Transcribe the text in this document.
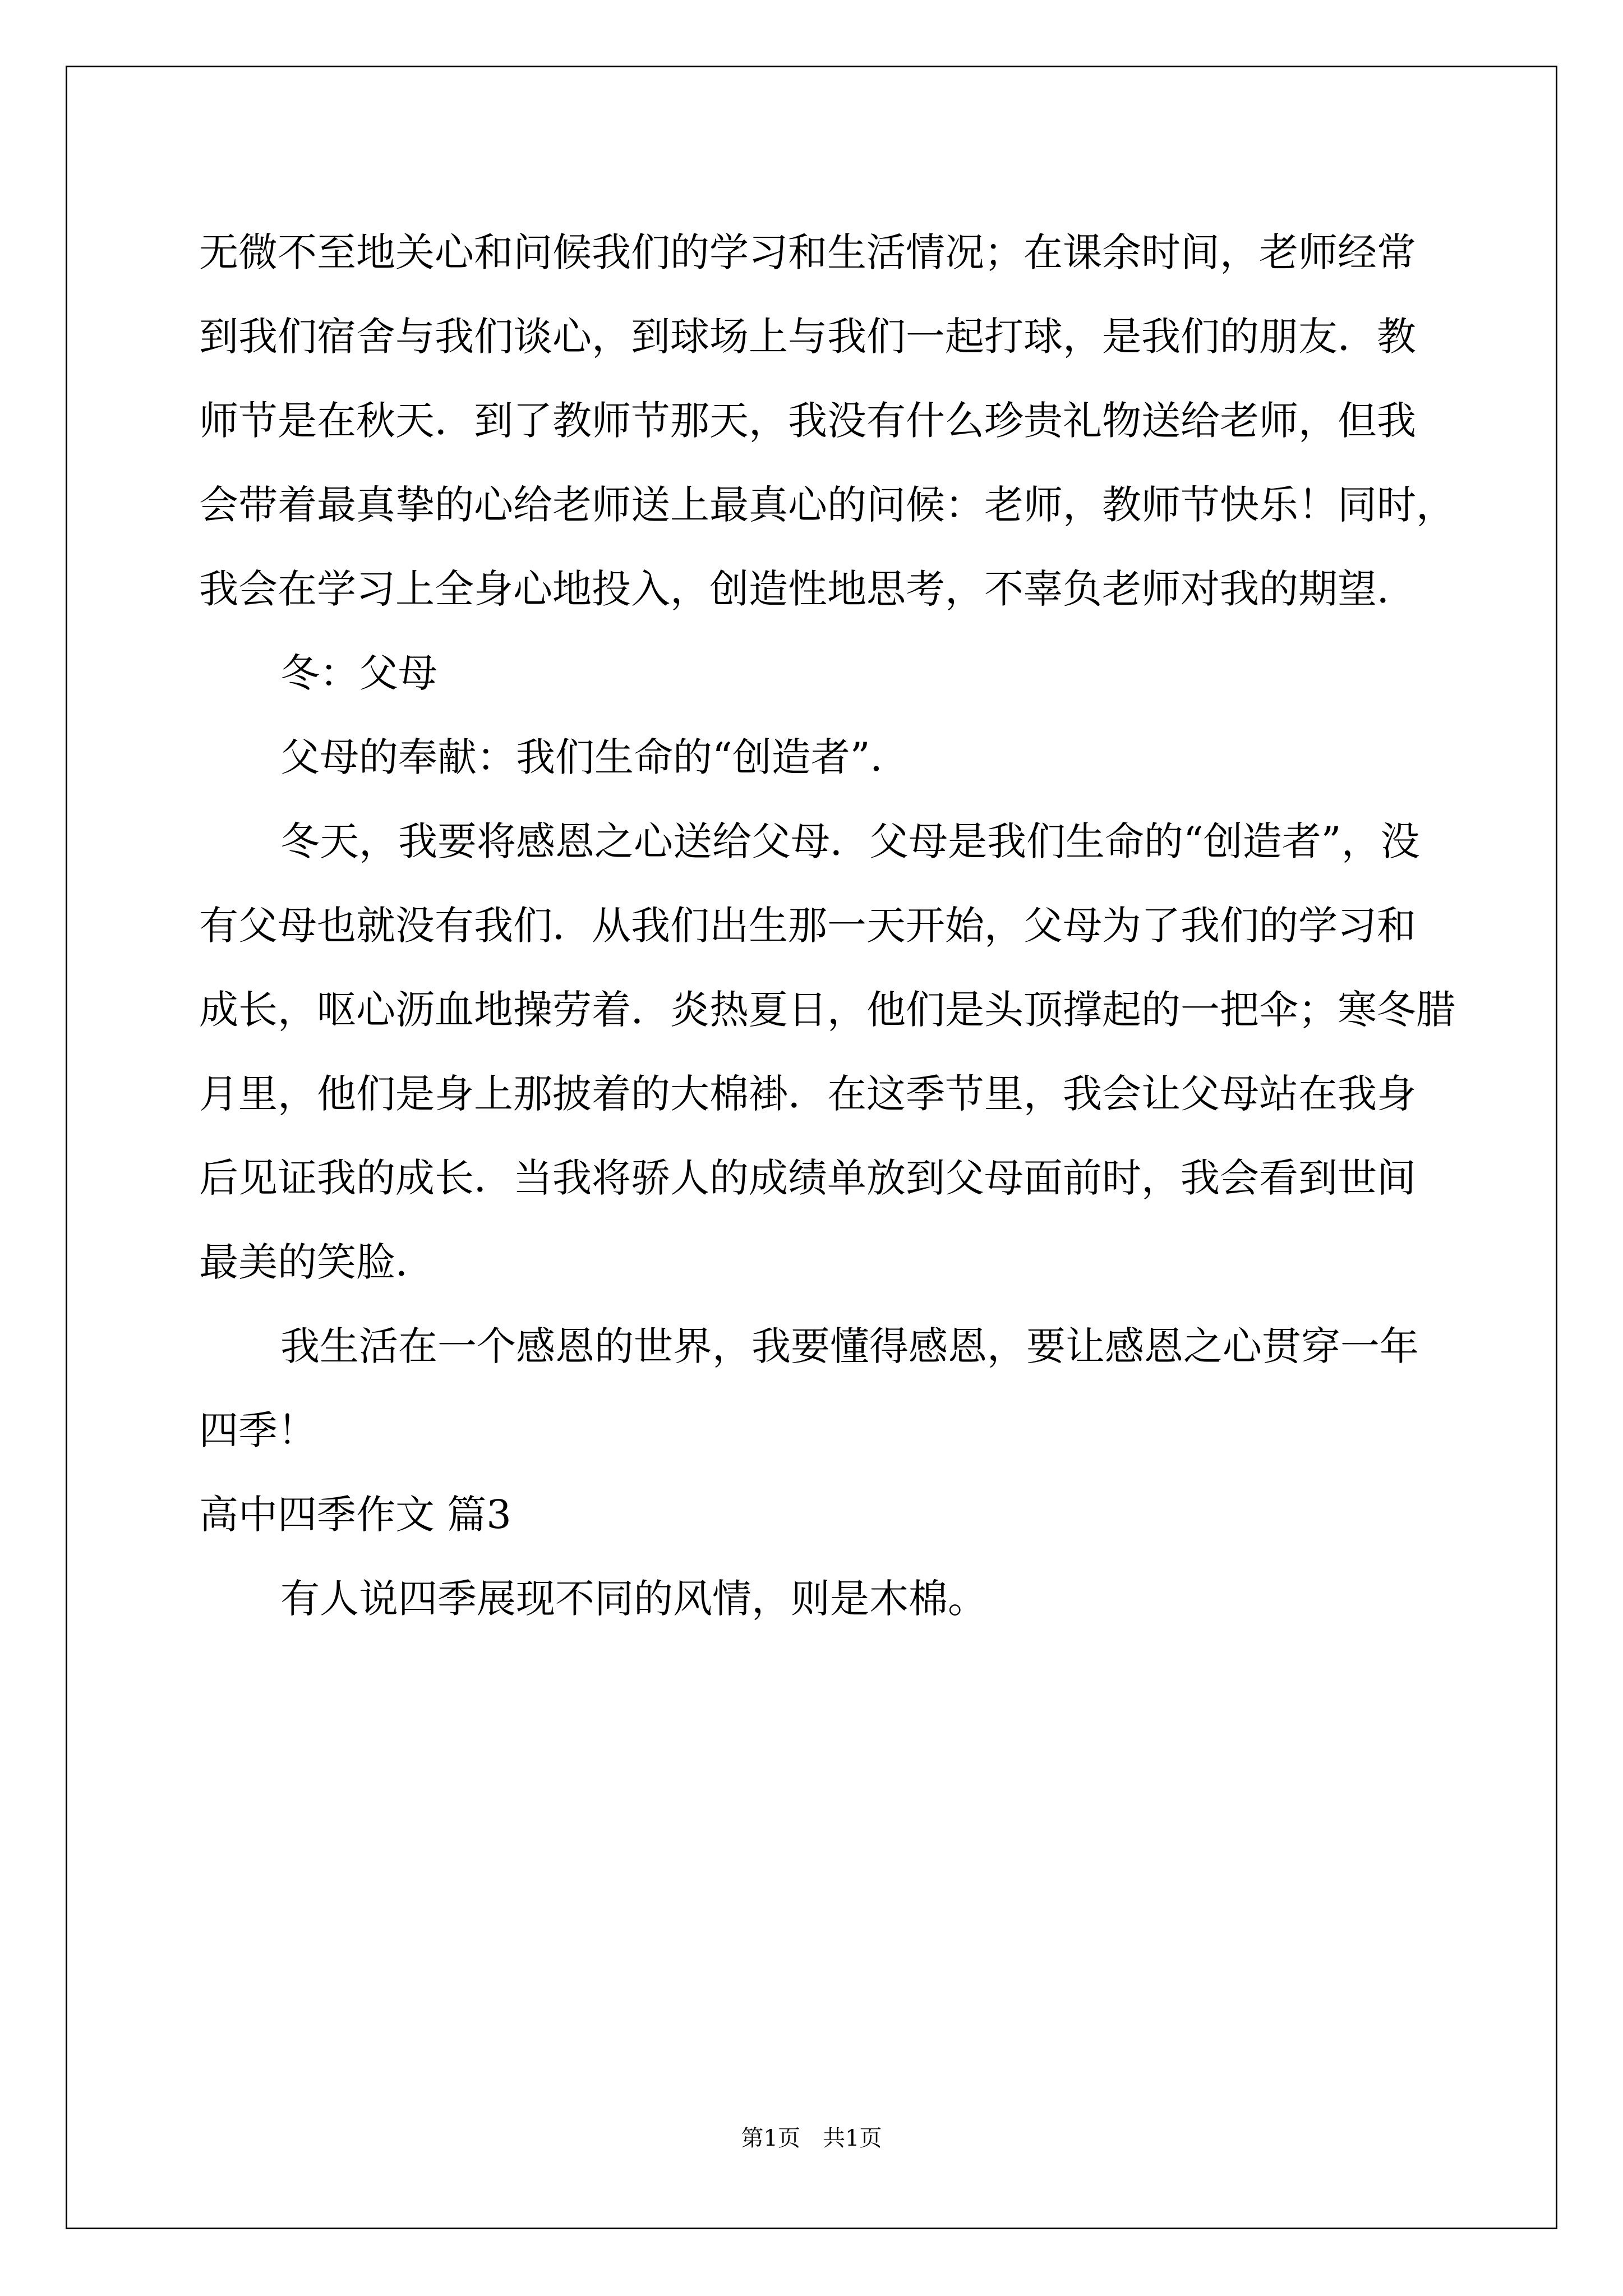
无微不至地关心和问候我们的学习和生活情况；在课余时间，老师经常
到我们宿舍与我们谈心，到球场上与我们一起打球，是我们的朋友．教
师节是在秋天．到了教师节那天，我没有什么珍贵礼物送给老师，但我
会带着最真挚的心给老师送上最真心的问候：老师，教师节快乐！同时，
我会在学习上全身心地投入，创造性地思考，不辜负老师对我的期望．
冬：父母
父母的奉献：我们生命的“创造者”．
冬天，我要将感恩之心送给父母．父母是我们生命的“创造者”，没
有父母也就没有我们．从我们出生那一天开始，父母为了我们的学习和
成长，呕心沥血地操劳着．炎热夏日，他们是头顶撑起的一把伞；寒冬腊
月里，他们是身上那披着的大棉褂．在这季节里，我会让父母站在我身
后见证我的成长．当我将骄人的成绩单放到父母面前时，我会看到世间
最美的笑脸．
我生活在一个感恩的世界，我要懂得感恩，要让感恩之心贯穿一年
四季！
高中四季作文 篇3
有人说四季展现不同的风情，则是木棉。
第1页　共1页
